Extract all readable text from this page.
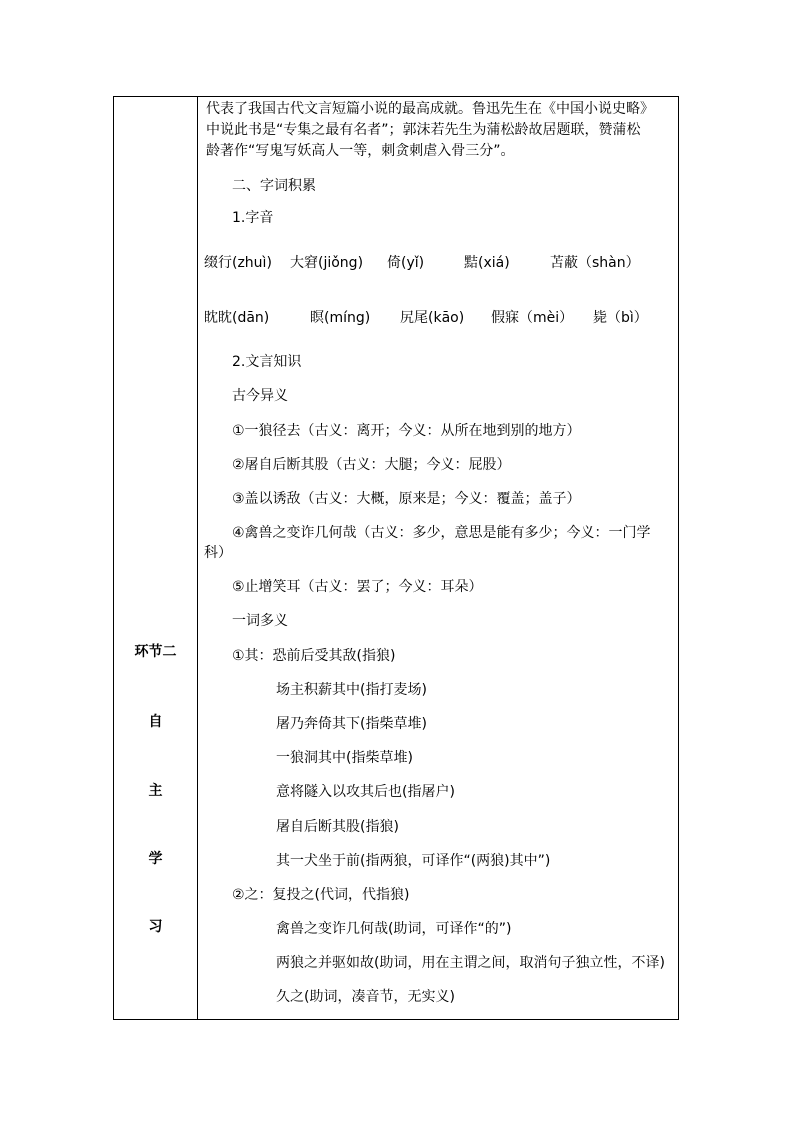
环节二
自
主
学
习
代表了我国古代文言短篇小说的最高成就。鲁迅先生在《中国小说史略》
中说此书是“专集之最有名者”；郭沫若先生为蒲松龄故居题联，赞蒲松
龄著作“写鬼写妖高人一等，刺贪刺虐入骨三分”。
二、字词积累
1.字音
缀行(zhuì) 大窘(jiǒng) 倚(yǐ)	黠(xiá)	苫蔽（shàn）
眈眈(dān)	瞑(míng) 尻尾(kāo) 假寐（mèi） 毙（bì）
2.文言知识
古今异义
①一狼径去（古义：离开；今义：从所在地到别的地方）
②屠自后断其股（古义：大腿；今义：屁股）
③盖以诱敌（古义：大概，原来是；今义：覆盖；盖子）
④禽兽之变诈几何哉（古义：多少，意思是能有多少；今义：一门学
科）
⑤止增笑耳（古义：罢了；今义：耳朵）
一词多义
①其：恐前后受其敌(指狼)
场主积薪其中(指打麦场)
屠乃奔倚其下(指柴草堆)
一狼洞其中(指柴草堆)
意将隧入以攻其后也(指屠户)
屠自后断其股(指狼)
其一犬坐于前(指两狼，可译作“(两狼)其中”)
②之：复投之(代词，代指狼)
禽兽之变诈几何哉(助词，可译作“的”)
两狼之并驱如故(助词，用在主谓之间，取消句子独立性，不译)
久之(助词，凑音节，无实义)
